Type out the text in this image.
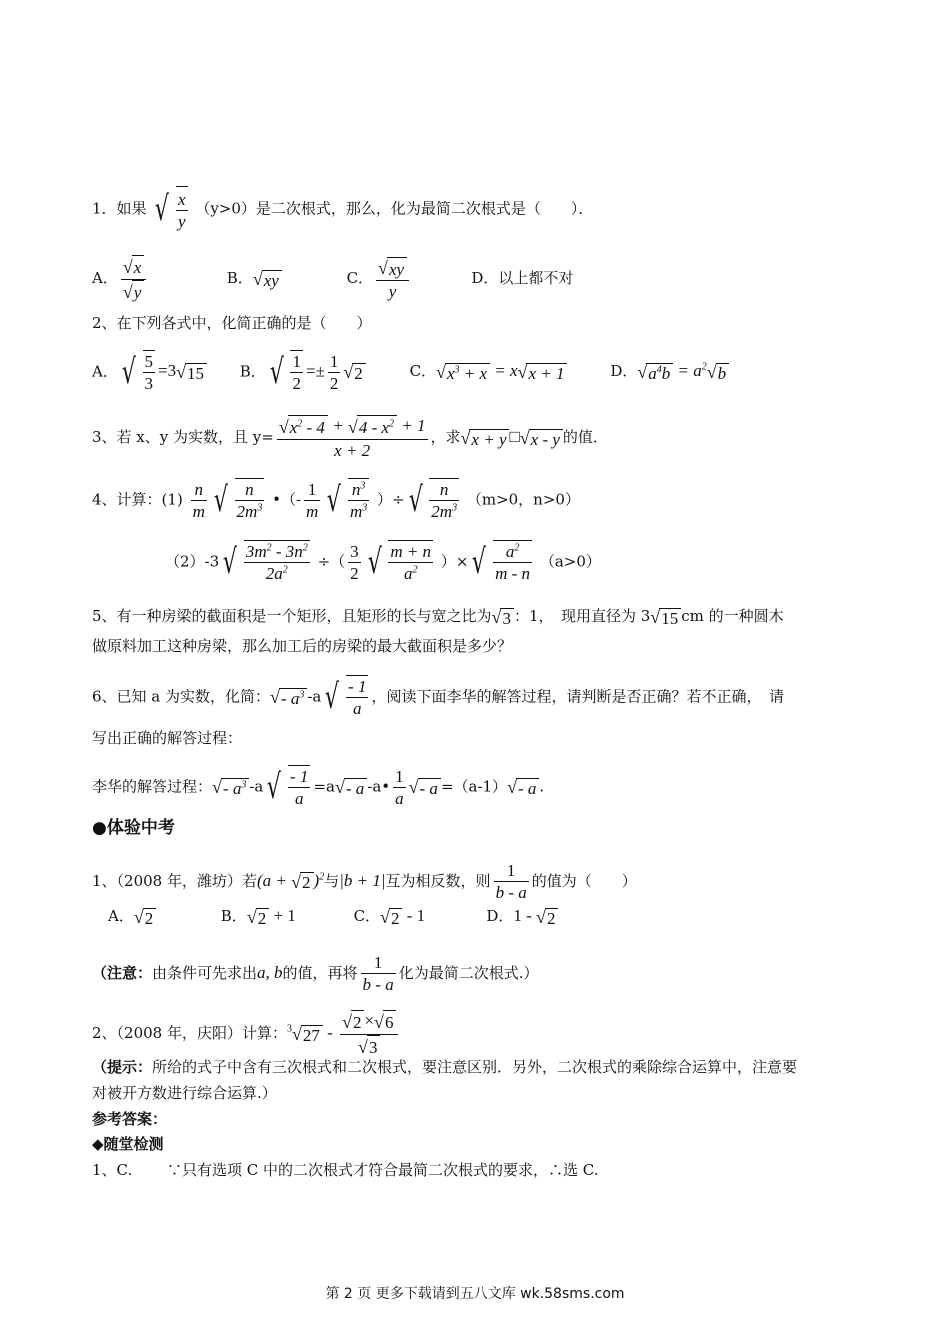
1．如果 √ $\frac{x}{y} (y>0)$是二次根式，那么，化为最简二次根式是（　　）．
A． $\frac{√x}{√y}$	B．√xy	C． $\frac{√xy}{y}$	D．以上都不对
2、在下列各式中，化简正确的是（　　）
A． √ $\frac{5}{3} =3√15$ B． √ $\frac{1}{2} =\pm \frac{1}{2} √2$	C．$√x^3 + x = x√x + 1$	D．$√a^4b = a^2√b$
3、若 x、y 为实数，且 $y= \frac{√x^2 - 4 + √4 - x^2 + 1}{x + 2}$ ，求√x + y □√x - y 的值．
4、计算：$(1) \frac{n}{m}$ √ $\frac{n}{2m^3}$ •（- $\frac{1}{m}$ √ $\frac{n^3}{m^3}$ ）÷ √ $\frac{n}{2m^3} (m>0$，n>0）
（2）-3 √ $\frac{3m^2 - 3n^2}{2a^2}$ ÷（ $\frac{3}{2}$ √ $\frac{m + n}{a^2}$ ）× √ $\frac{a^2}{m - n} (a>0)$
5、有一种房梁的截面积是一个矩形，且矩形的长与宽之比为√3 ：1，　现用直径为 3√15 cm 的一种圆木
做原料加工这种房梁，那么加工后的房梁的最大截面积是多少？
6、已知 a 为实数，化简：√- $a^3$ -a √ $\frac{- 1}{a}$ ，阅读下面李华的解答过程，请判断是否正确？若不正确，　请
写出正确的解答过程：
李华的解答过程：√- $a^3$ -a √ $\frac{- 1}{a} =a√-$ a -a• $\frac{1}{a}$ √- a =（a-1）√- a .
●体验中考
1、（2008 年，潍坊）若(a + √2 )$^2$与|b + 1|互为相反数，则 $\frac{1}{b - a}$ 的值为（　　）
A．√2	B．√2 + 1	C．√2 - 1	D．1 - √2
（注意：由条件可先求出a, b的值，再将 $\frac{1}{b - a}$ 化为最简二次根式.）
2、（2008 年，庆阳）计算：$^3√27 - \frac{√2 \times√6}{√3}$
（提示：所给的式子中含有三次根式和二次根式，要注意区别．另外，二次根式的乘除综合运算中，注意要
对被开方数进行综合运算.）
参考答案：
◆随堂检测
1、C.　　 ∵只有选项 C 中的二次根式才符合最简二次根式的要求，∴选 C.
第 2 页 更多下载请到五八文库 wk.58sms.com
